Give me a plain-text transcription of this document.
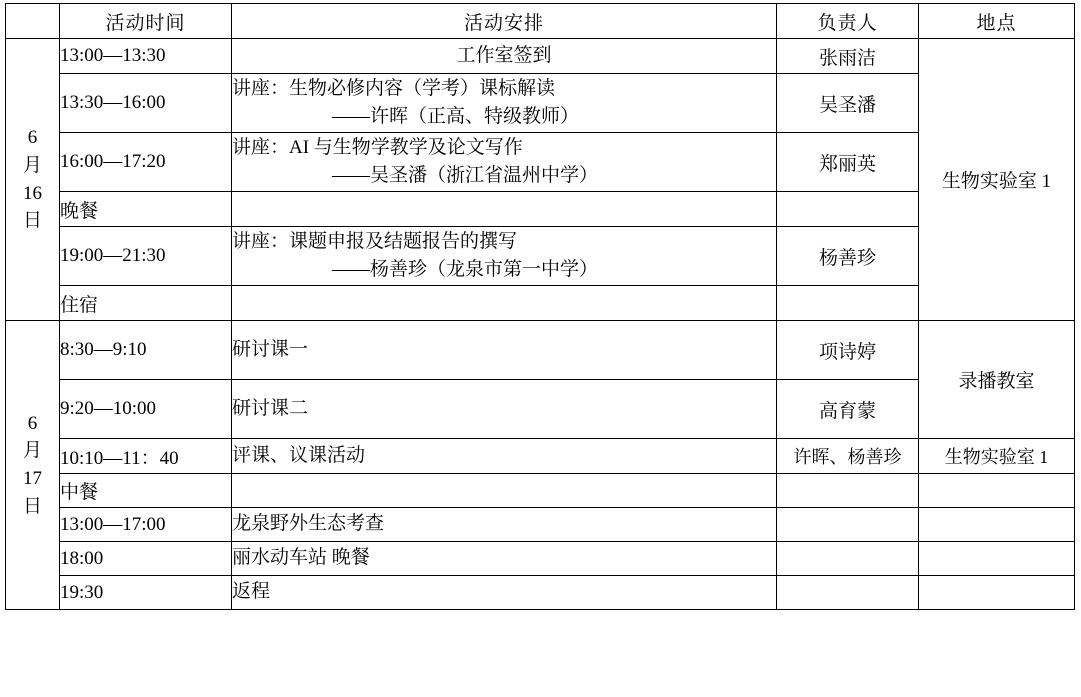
	活动时间	活动安排	负责人	地点

6
月
16
日	13:00—13:30	工作室签到	张雨洁	生物实验室 1
	13:30—16:00	讲座：生物必修内容（学考）课标解读
——许晖（正高、特级教师）	吴圣潘	
	16:00—17:20	讲座：AI 与生物学教学及论文写作
——吴圣潘（浙江省温州中学）	郑丽英	
	晚餐			
	19:00—21:30	讲座：课题申报及结题报告的撰写
——杨善珍（龙泉市第一中学）	杨善珍	
	住宿			

6
月
17
日	8:30—9:10	研讨课一	项诗婷	录播教室
	9:20—10:00	研讨课二	高育蒙	
	10:10—11：40	评课、议课活动	许晖、杨善珍	生物实验室 1
	中餐			
	13:00—17:00	龙泉野外生态考查		
	18:00	丽水动车站 晚餐		
	19:30	返程		
